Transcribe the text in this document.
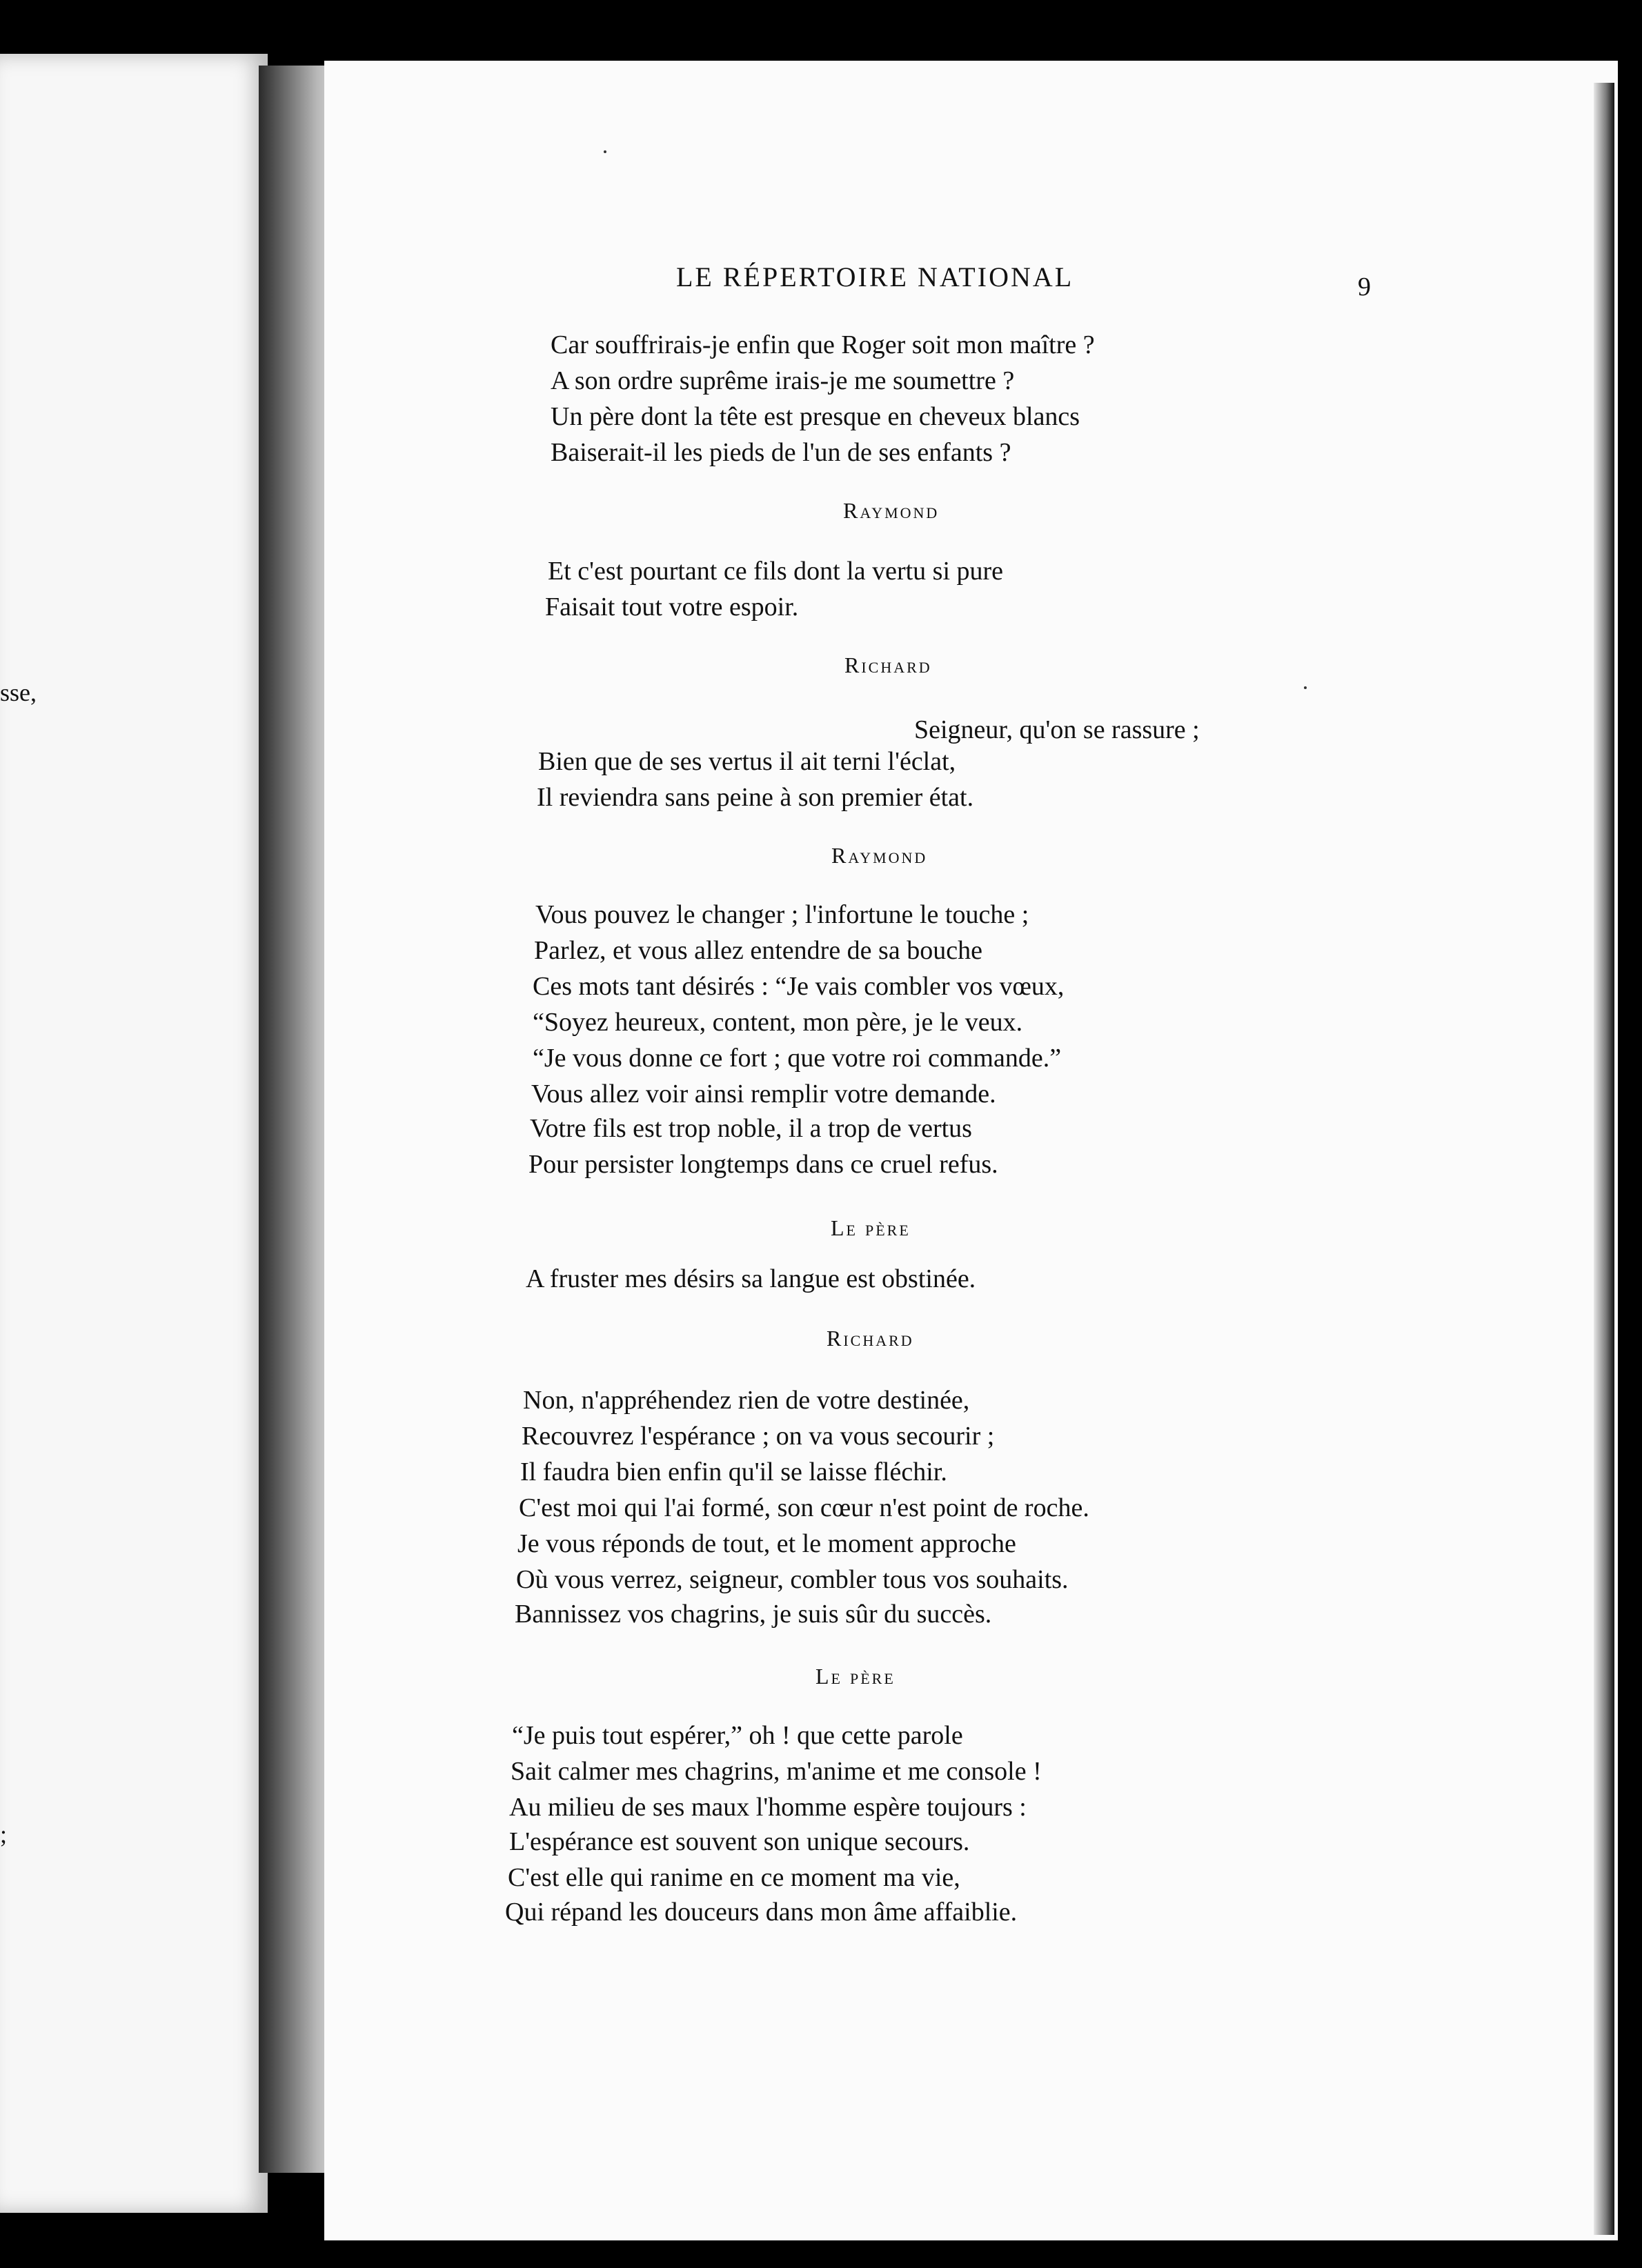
sse,
;
LE RÉPERTOIRE NATIONAL	9

Car souffrirais-je enfin que Roger soit mon maître ?

A son ordre suprême irais-je me soumettre ?

Un père dont la tête est presque en cheveux blancs

Baiserait-il les pieds de l'un de ses enfants ?

Raymond

Et c'est pourtant ce fils dont la vertu si pure

Faisait tout votre espoir.

Richard

Seigneur, qu'on se rassure ;

Bien que de ses vertus il ait terni l'éclat,

Il reviendra sans peine à son premier état.

Raymond

Vous pouvez le changer ; l'infortune le touche ;

Parlez, et vous allez entendre de sa bouche

Ces mots tant désirés : “Je vais combler vos vœux,

“Soyez heureux, content, mon père, je le veux.

“Je vous donne ce fort ; que votre roi commande.”

Vous allez voir ainsi remplir votre demande.

Votre fils est trop noble, il a trop de vertus

Pour persister longtemps dans ce cruel refus.

Le père

A fruster mes désirs sa langue est obstinée.

Richard

Non, n'appréhendez rien de votre destinée,

Recouvrez l'espérance ; on va vous secourir ;

Il faudra bien enfin qu'il se laisse fléchir.

C'est moi qui l'ai formé, son cœur n'est point de roche.

Je vous réponds de tout, et le moment approche

Où vous verrez, seigneur, combler tous vos souhaits.

Bannissez vos chagrins, je suis sûr du succès.

Le père

“Je puis tout espérer,” oh ! que cette parole

Sait calmer mes chagrins, m'anime et me console !

Au milieu de ses maux l'homme espère toujours :

L'espérance est souvent son unique secours.

C'est elle qui ranime en ce moment ma vie,

Qui répand les douceurs dans mon âme affaiblie.
